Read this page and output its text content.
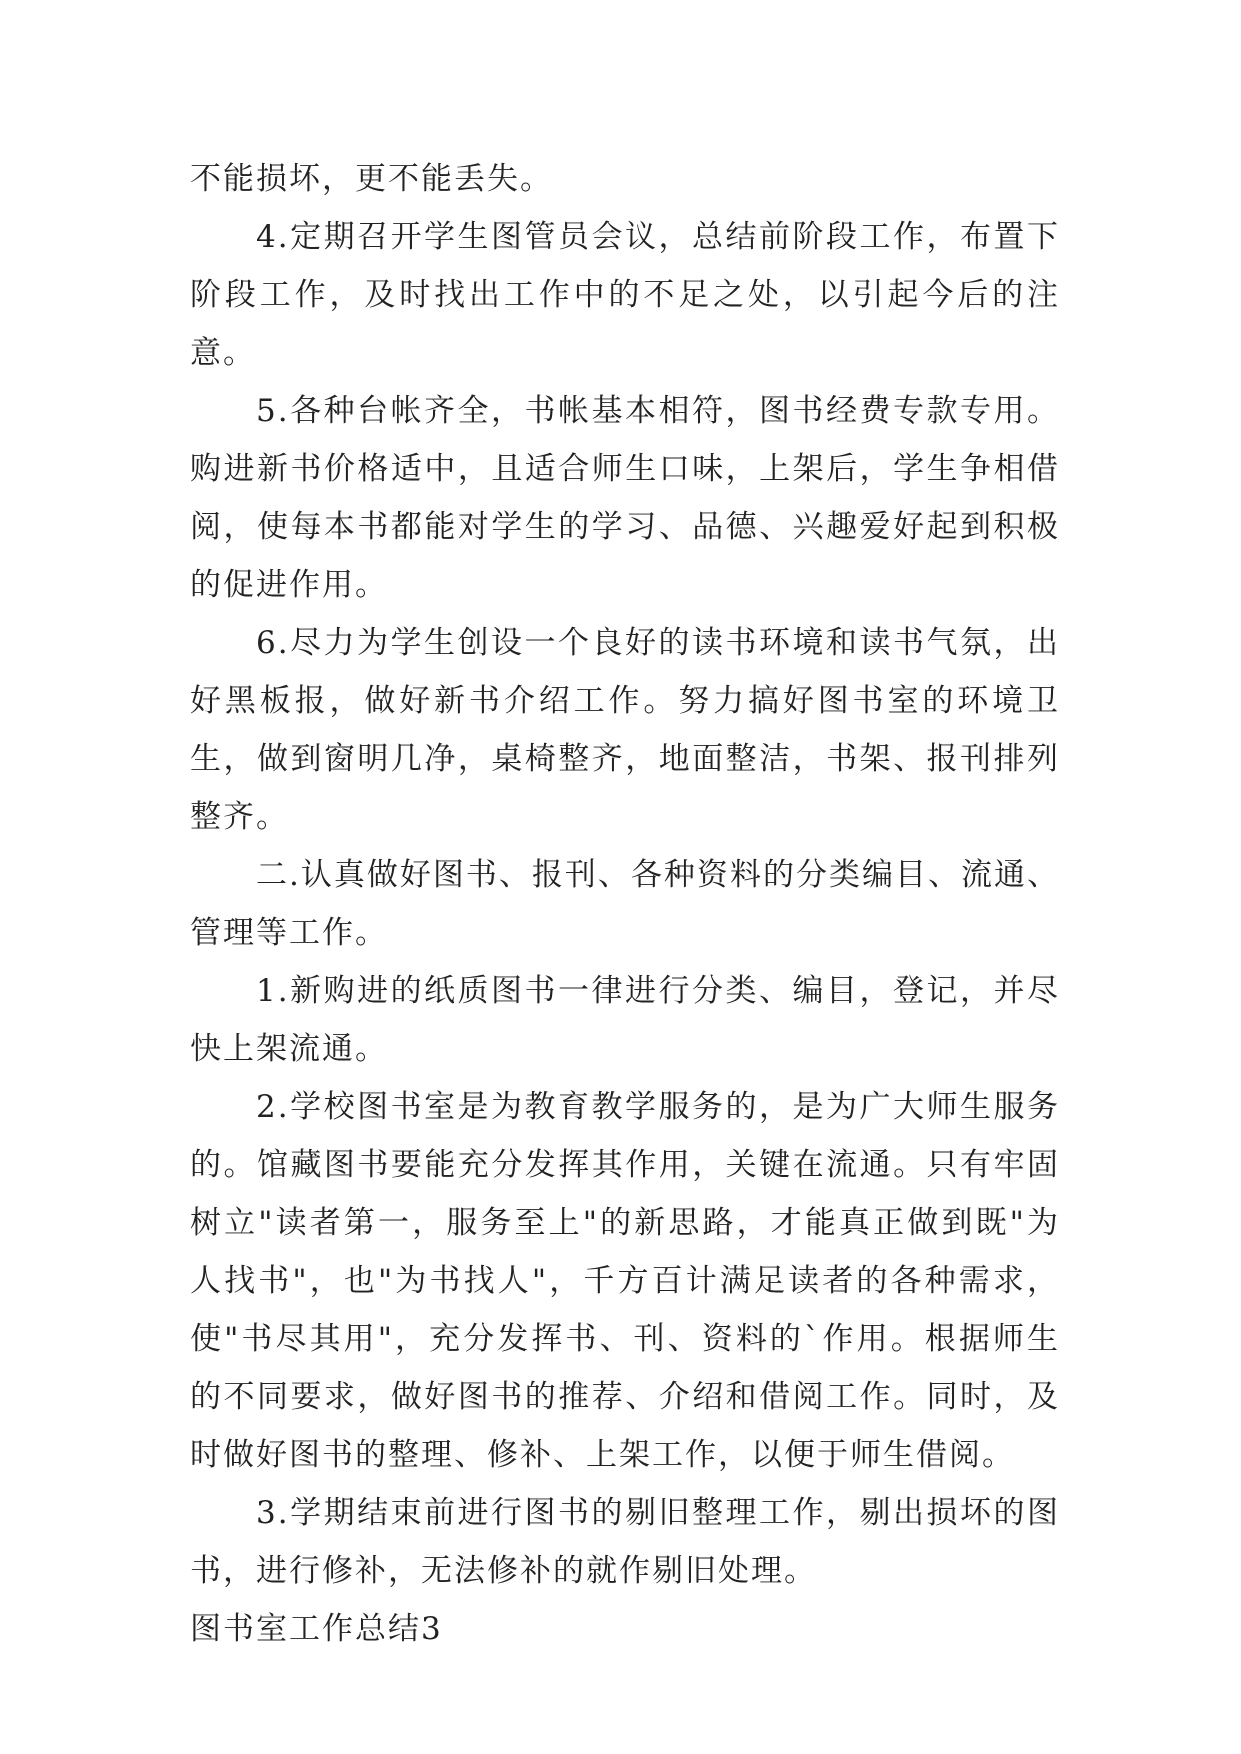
不能损坏，更不能丢失。

4.定期召开学生图管员会议，总结前阶段工作，布置下阶段工作，及时找出工作中的不足之处，以引起今后的注意。

5.各种台帐齐全，书帐基本相符，图书经费专款专用。购进新书价格适中，且适合师生口味，上架后，学生争相借阅，使每本书都能对学生的学习、品德、兴趣爱好起到积极的促进作用。

6.尽力为学生创设一个良好的读书环境和读书气氛，出好黑板报，做好新书介绍工作。努力搞好图书室的环境卫生，做到窗明几净，桌椅整齐，地面整洁，书架、报刊排列整齐。

二.认真做好图书、报刊、各种资料的分类编目、流通、管理等工作。

1.新购进的纸质图书一律进行分类、编目，登记，并尽快上架流通。

2.学校图书室是为教育教学服务的，是为广大师生服务的。馆藏图书要能充分发挥其作用，关键在流通。只有牢固树立"读者第一，服务至上"的新思路，才能真正做到既"为人找书"，也"为书找人"，千方百计满足读者的各种需求，使"书尽其用"，充分发挥书、刊、资料的`作用。根据师生的不同要求，做好图书的推荐、介绍和借阅工作。同时，及时做好图书的整理、修补、上架工作，以便于师生借阅。

3.学期结束前进行图书的剔旧整理工作，剔出损坏的图书，进行修补，无法修补的就作剔旧处理。

图书室工作总结3
